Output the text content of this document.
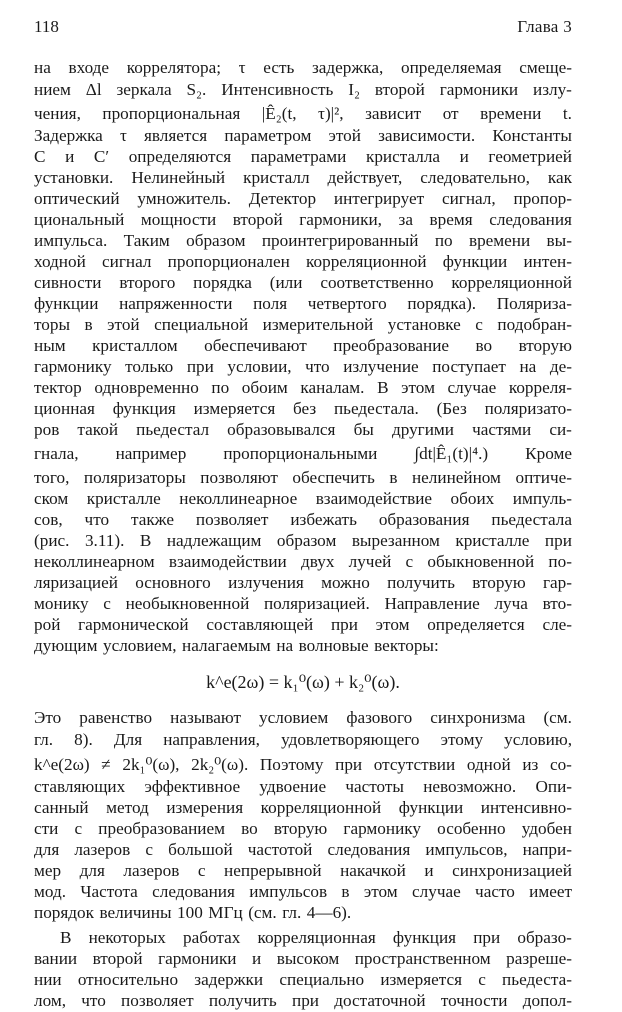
118	Глава 3
на входе коррелятора; τ есть задержка, определяемая смеще-
нием Δl зеркала S₂. Интенсивность I₂ второй гармоники излу-
чения, пропорциональная |Ê₂(t, τ)|², зависит от времени t.
Задержка τ является параметром этой зависимости. Константы
C и C′ определяются параметрами кристалла и геометрией
установки. Нелинейный кристалл действует, следовательно, как
оптический умножитель. Детектор интегрирует сигнал, пропор-
циональный мощности второй гармоники, за время следования
импульса. Таким образом проинтегрированный по времени вы-
ходной сигнал пропорционален корреляционной функции интен-
сивности второго порядка (или соответственно корреляционной
функции напряженности поля четвертого порядка). Поляриза-
торы в этой специальной измерительной установке с подобран-
ным кристаллом обеспечивают преобразование во вторую
гармонику только при условии, что излучение поступает на де-
тектор одновременно по обоим каналам. В этом случае корреля-
ционная функция измеряется без пьедестала. (Без поляризато-
ров такой пьедестал образовывался бы другими частями си-
гнала, например пропорциональными ∫dt|Ê₁(t)|⁴.) Кроме
того, поляризаторы позволяют обеспечить в нелинейном оптиче-
ском кристалле неколлинеарное взаимодействие обоих импуль-
сов, что также позволяет избежать образования пьедестала
(рис. 3.11). В надлежащим образом вырезанном кристалле при
неколлинеарном взаимодействии двух лучей с обыкновенной по-
ляризацией основного излучения можно получить вторую гар-
монику с необыкновенной поляризацией. Направление луча вто-
рой гармонической составляющей при этом определяется сле-
дующим условием, налагаемым на волновые векторы:
k^e(2ω) = k₁⁰(ω) + k₂⁰(ω).
Это равенство называют условием фазового синхронизма (см.
гл. 8). Для направления, удовлетворяющего этому условию,
k^e(2ω) ≠ 2k₁⁰(ω), 2k₂⁰(ω). Поэтому при отсутствии одной из со-
ставляющих эффективное удвоение частоты невозможно. Опи-
санный метод измерения корреляционной функции интенсивно-
сти с преобразованием во вторую гармонику особенно удобен
для лазеров с большой частотой следования импульсов, напри-
мер для лазеров с непрерывной накачкой и синхронизацией
мод. Частота следования импульсов в этом случае часто имеет
порядок величины 100 МГц (см. гл. 4—6).
В некоторых работах корреляционная функция при образо-
вании второй гармоники и высоком пространственном разреше-
нии относительно задержки специально измеряется с пьедеста-
лом, что позволяет получить при достаточной точности допол-
